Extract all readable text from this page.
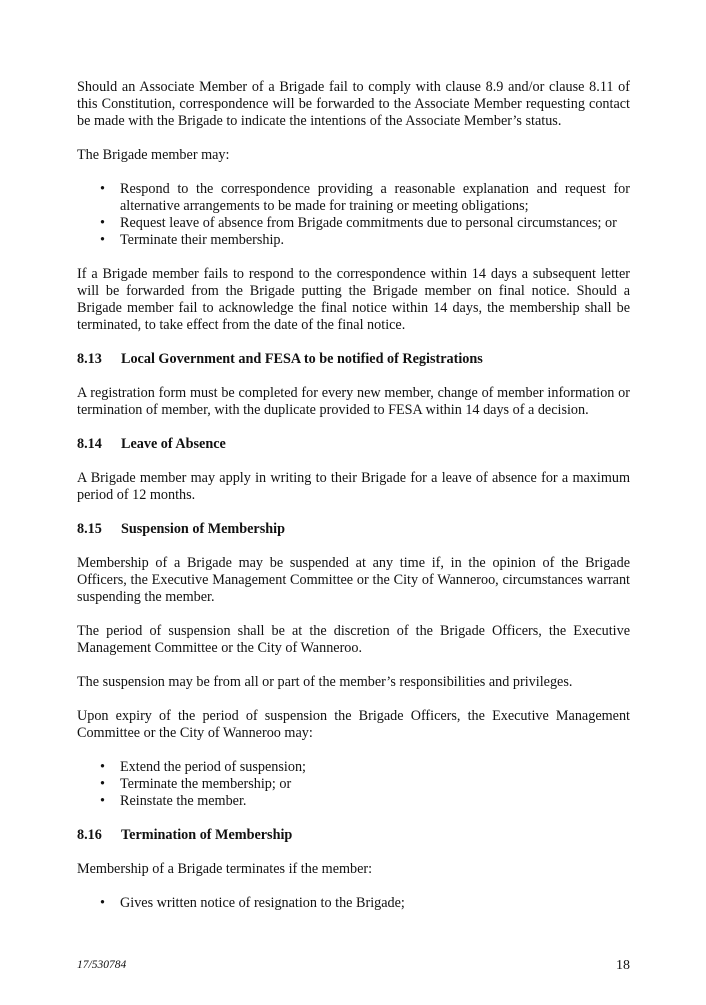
Should an Associate Member of a Brigade fail to comply with clause 8.9 and/or clause 8.11 of this Constitution, correspondence will be forwarded to the Associate Member requesting contact be made with the Brigade to indicate the intentions of the Associate Member’s status.

The Brigade member may:

•	Respond to the correspondence providing a reasonable explanation and request for alternative arrangements to be made for training or meeting obligations;
•	Request leave of absence from Brigade commitments due to personal circumstances; or
•	Terminate their membership.

If a Brigade member fails to respond to the correspondence within 14 days a subsequent letter will be forwarded from the Brigade putting the Brigade member on final notice. Should a Brigade member fail to acknowledge the final notice within 14 days, the membership shall be terminated, to take effect from the date of the final notice.

8.13	Local Government and FESA to be notified of Registrations

A registration form must be completed for every new member, change of member information or termination of member, with the duplicate provided to FESA within 14 days of a decision.

8.14	Leave of Absence

A Brigade member may apply in writing to their Brigade for a leave of absence for a maximum period of 12 months.

8.15	Suspension of Membership

Membership of a Brigade may be suspended at any time if, in the opinion of the Brigade Officers, the Executive Management Committee or the City of Wanneroo, circumstances warrant suspending the member.

The period of suspension shall be at the discretion of the Brigade Officers, the Executive Management Committee or the City of Wanneroo.

The suspension may be from all or part of the member’s responsibilities and privileges.

Upon expiry of the period of suspension the Brigade Officers, the Executive Management Committee or the City of Wanneroo may:

•	Extend the period of suspension;
•	Terminate the membership; or
•	Reinstate the member.
8.16	Termination of Membership

Membership of a Brigade terminates if the member:

•	Gives written notice of resignation to the Brigade;
17/530784	18
